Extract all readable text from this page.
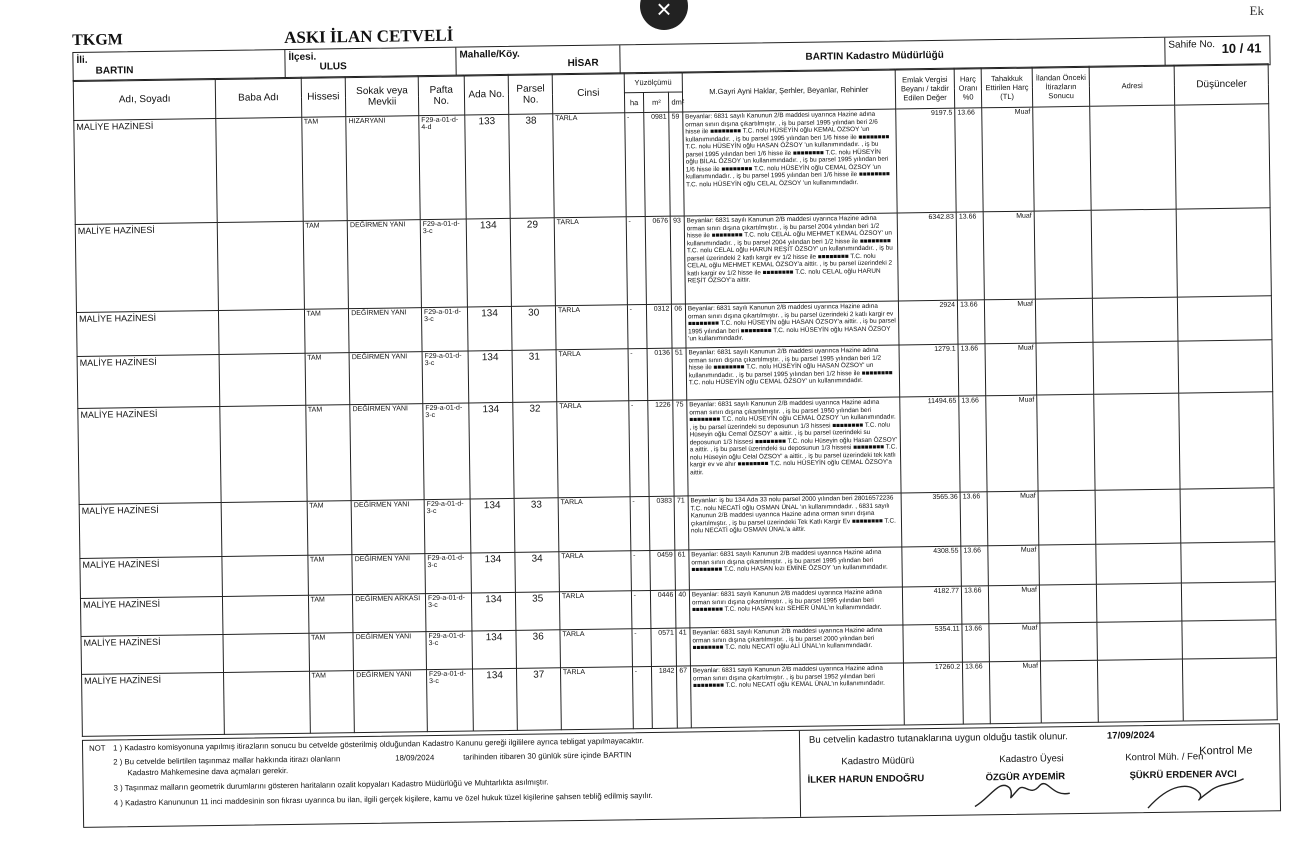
Ek
×
TKGM	ASKI İLAN CETVELİ
İli.
BARTIN
İlçesi.
ULUS
Mahalle/Köy.
HİSAR
BARTIN Kadastro Müdürlüğü
Sahife No. 10 / 41
Adı, Soyadı	Baba Adı	Hissesi	Sokak veya Mevkii	Pafta No.	Ada No.	Parsel No.	Cinsi	Yüzölçümü			M.Gayri Ayni Haklar, Şerhler, Beyanlar, Rehinler	Emlak Vergisi Beyanı / takdir Edilen Değer	Harç Oranı %0	Tahakkuk Ettirilen Harç (TL)	İlandan Önceki İtirazların Sonucu	Adresi	Düşünceler
								ha	m²	dm²							
MALİYE HAZİNESİ		TAM	HIZARYANI	F29-a-01-d-4-d	133	38	TARLA	-	0981	59	Beyanlar: 6831 sayılı Kanunun 2/B maddesi uyarınca Hazine adına orman sınırı dışına çıkartılmıştır. , iş bu parsel 1995 yılından beri 2/6 hisse ile ■■■■■■■■ T.C. nolu HÜSEYİN oğlu KEMAL ÖZSOY 'un kullanımındadır. , iş bu parsel 1995 yılından beri 1/6 hisse ile ■■■■■■■■ T.C. nolu HÜSEYİN oğlu HASAN ÖZSOY 'un kullanımındadır. , iş bu parsel 1995 yılından beri 1/6 hisse ile ■■■■■■■■ T.C. nolu HÜSEYİN oğlu BİLAL ÖZSOY 'un kullanımındadır. , iş bu parsel 1995 yılından beri 1/6 hisse ile ■■■■■■■■ T.C. nolu HÜSEYİN oğlu CEMAL ÖZSOY 'un kullanımındadır. , iş bu parsel 1995 yılından beri 1/6 hisse ile ■■■■■■■■ T.C. nolu HÜSEYİN oğlu CELAL ÖZSOY 'un kullanımındadır.	9197.5	13.66	Muaf			
MALİYE HAZİNESİ		TAM	DEĞİRMEN YANI	F29-a-01-d-3-c	134	29	TARLA	-	0676	93	Beyanlar: 6831 sayılı Kanunun 2/B maddesi uyarınca Hazine adına orman sınırı dışına çıkartılmıştır. , iş bu parsel 2004 yılından beri 1/2 hisse ile ■■■■■■■■ T.C. nolu CELAL oğlu MEHMET KEMAL ÖZSOY' un kullanımındadır. , iş bu parsel 2004 yılından beri 1/2 hisse ile ■■■■■■■■ T.C. nolu CELAL oğlu HARUN REŞİT ÖZSOY' un kullanımındadır. , iş bu parsel üzerindeki 2 katlı kargir ev 1/2 hisse ile ■■■■■■■■ T.C. nolu CELAL oğlu MEHMET KEMAL ÖZSOY'a aittir. , iş bu parsel üzerindeki 2 katlı kargir ev 1/2 hisse ile ■■■■■■■■ T.C. nolu CELAL oğlu HARUN REŞİT ÖZSOY'a aittir.	6342.83	13.66	Muaf			
MALİYE HAZİNESİ		TAM	DEĞİRMEN YANI	F29-a-01-d-3-c	134	30	TARLA	-	0312	06	Beyanlar: 6831 sayılı Kanunun 2/B maddesi uyarınca Hazine adına orman sınırı dışına çıkartılmıştır. , iş bu parsel üzerindeki 2 katlı kargir ev ■■■■■■■■ T.C. nolu HÜSEYİN oğlu HASAN ÖZSOY'a aittir. , iş bu parsel 1995 yılından beri ■■■■■■■■ T.C. nolu HÜSEYİN oğlu HASAN ÖZSOY 'un kullanımındadır.	2924	13.66	Muaf			
MALİYE HAZİNESİ		TAM	DEĞİRMEN YANI	F29-a-01-d-3-c	134	31	TARLA	-	0136	51	Beyanlar: 6831 sayılı Kanunun 2/B maddesi uyarınca Hazine adına orman sınırı dışına çıkartılmıştır. , iş bu parsel 1995 yılından beri 1/2 hisse ile ■■■■■■■■ T.C. nolu HÜSEYİN oğlu HASAN ÖZSOY' un kullanımındadır. , iş bu parsel 1995 yılından beri 1/2 hisse ile ■■■■■■■■ T.C. nolu HÜSEYİN oğlu CEMAL ÖZSOY' un kullanımındadır.	1279.1	13.66	Muaf			
MALİYE HAZİNESİ		TAM	DEĞİRMEN YANI	F29-a-01-d-3-c	134	32	TARLA	-	1226	75	Beyanlar: 6831 sayılı Kanunun 2/B maddesi uyarınca Hazine adına orman sınırı dışına çıkartılmıştır. , iş bu parsel 1950 yılından beri ■■■■■■■■ T.C. nolu HÜSEYİN oğlu CEMAL ÖZSOY 'un kullanımındadır. , iş bu parsel üzerindeki su deposunun 1/3 hissesi ■■■■■■■■ T.C. nolu Hüseyin oğlu Cemal ÖZSOY' a aittir. , iş bu parsel üzerindeki su deposunun 1/3 hissesi ■■■■■■■■ T.C. nolu Hüseyin oğlu Hasan ÖZSOY' a aittir. , iş bu parsel üzerindeki su deposunun 1/3 hissesi ■■■■■■■■ T.C. nolu Hüseyin oğlu Celal ÖZSOY' a aittir. , iş bu parsel üzerindeki tek katlı kargir ev ve ahır ■■■■■■■■ T.C. nolu HÜSEYİN oğlu CEMAL ÖZSOY'a aittir.	11494.65	13.66	Muaf			
MALİYE HAZİNESİ		TAM	DEĞİRMEN YANI	F29-a-01-d-3-c	134	33	TARLA	-	0383	71	Beyanlar: iş bu 134 Ada 33 nolu parsel 2000 yılından beri 28016572236 T.C. nolu NECATİ oğlu OSMAN ÜNAL 'ın kullanımındadır. , 6831 sayılı Kanunun 2/B maddesi uyarınca Hazine adına orman sınırı dışına çıkartılmıştır. , iş bu parsel üzerindeki Tek Katlı Kargir Ev ■■■■■■■■ T.C. nolu NECATİ oğlu OSMAN ÜNAL'a aittir.	3565.36	13.66	Muaf			
MALİYE HAZİNESİ		TAM	DEĞİRMEN YANI	F29-a-01-d-3-c	134	34	TARLA	-	0459	61	Beyanlar: 6831 sayılı Kanunun 2/B maddesi uyarınca Hazine adına orman sınırı dışına çıkartılmıştır. , iş bu parsel 1995 yılından beri ■■■■■■■■ T.C. nolu HASAN kızı EMİNE ÖZSOY 'un kullanımındadır.	4308.55	13.66	Muaf			
MALİYE HAZİNESİ		TAM	DEĞİRMEN ARKASI	F29-a-01-d-3-c	134	35	TARLA	-	0446	40	Beyanlar: 6831 sayılı Kanunun 2/B maddesi uyarınca Hazine adına orman sınırı dışına çıkartılmıştır. , iş bu parsel 1995 yılından beri ■■■■■■■■ T.C. nolu HASAN kızı SEHER ÜNAL'ın kullanımındadır.	4182.77	13.66	Muaf			
MALİYE HAZİNESİ		TAM	DEĞİRMEN YANI	F29-a-01-d-3-c	134	36	TARLA	-	0571	41	Beyanlar: 6831 sayılı Kanunun 2/B maddesi uyarınca Hazine adına orman sınırı dışına çıkartılmıştır. , iş bu parsel 2000 yılından beri ■■■■■■■■ T.C. nolu NECATİ oğlu ALİ ÜNAL'ın kullanımındadır.	5354.11	13.66	Muaf			
MALİYE HAZİNESİ		TAM	DEĞİRMEN YANI	F29-a-01-d-3-c	134	37	TARLA	-	1842	67	Beyanlar: 6831 sayılı Kanunun 2/B maddesi uyarınca Hazine adına orman sınırı dışına çıkartılmıştır. , iş bu parsel 1952 yılından beri ■■■■■■■■ T.C. nolu NECATİ oğlu KEMAL ÜNAL'ın kullanımındadır.	17260.2	13.66	Muaf			
NOT 1 ) Kadastro komisyonuna yapılmış itirazların sonucu bu cetvelde gösterilmiş olduğundan Kadastro Kanunu gereği ilgililere ayrıca tebligat yapılmayacaktır.
2 ) Bu cetvelde belirtilen taşınmaz mallar hakkında itirazı olanların	18/09/2024	tarihinden itibaren 30 günlük süre içinde BARTIN
Kadastro Mahkemesine dava açmaları gerekir.
3 ) Taşınmaz malların geometrik durumlarını gösteren haritaların ozalit kopyaları Kadastro Müdürlüğü ve Muhtarlıkta asılmıştır.
4 ) Kadastro Kanununun 11 inci maddesinin son fıkrası uyarınca bu ilan, ilgili gerçek kişilere, kamu ve özel hukuk tüzel kişilerine şahsen tebliğ edilmiş sayılır.
Bu cetvelin kadastro tutanaklarına uygun olduğu tastik olunur.	17/09/2024
Kadastro Müdürü
İLKER HARUN ENDOĞRU
Kadastro Üyesi
ÖZGÜR AYDEMİR
Kontrol Müh. / Fen
Kontrol Me
ŞÜKRÜ ERDENER AVCI
